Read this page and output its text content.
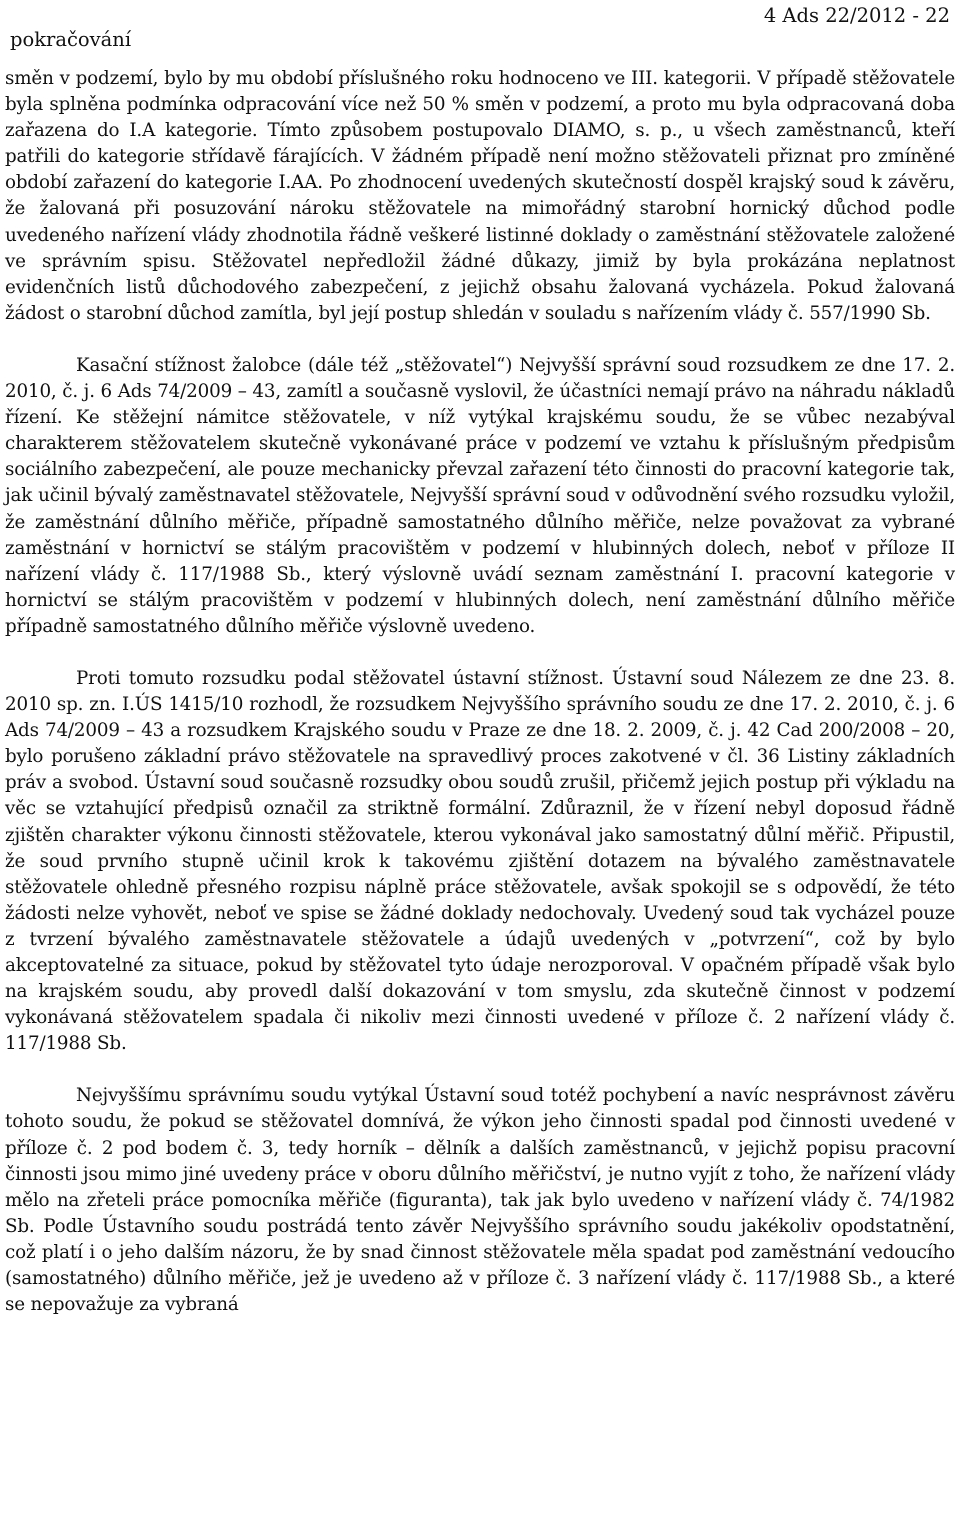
pokračování
4 Ads 22/2012 - 22

směn v podzemí, bylo by mu období příslušného roku hodnoceno ve III. kategorii. V případě stěžovatele byla splněna podmínka odpracování více než 50 % směn v podzemí, a proto mu byla odpracovaná doba zařazena do I.A kategorie. Tímto způsobem postupovalo DIAMO, s. p., u všech zaměstnanců, kteří patřili do kategorie střídavě fárajících. V žádném případě není možno stěžovateli přiznat pro zmíněné období zařazení do kategorie I.AA. Po zhodnocení uvedených skutečností dospěl krajský soud k závěru, že žalovaná při posuzování nároku stěžovatele na mimořádný starobní hornický důchod podle uvedeného nařízení vlády zhodnotila řádně veškeré listinné doklady o zaměstnání stěžovatele založené ve správním spisu. Stěžovatel nepředložil žádné důkazy, jimiž by byla prokázána neplatnost evidenčních listů důchodového zabezpečení, z jejichž obsahu žalovaná vycházela. Pokud žalovaná žádost o starobní důchod zamítla, byl její postup shledán v souladu s nařízením vlády č. 557/1990 Sb.

Kasační stížnost žalobce (dále též „stěžovatel“) Nejvyšší správní soud rozsudkem ze dne 17. 2. 2010, č. j. 6 Ads 74/2009 – 43, zamítl a současně vyslovil, že účastníci nemají právo na náhradu nákladů řízení. Ke stěžejní námitce stěžovatele, v níž vytýkal krajskému soudu, že se vůbec nezabýval charakterem stěžovatelem skutečně vykonávané práce v podzemí ve vztahu k příslušným předpisům sociálního zabezpečení, ale pouze mechanicky převzal zařazení této činnosti do pracovní kategorie tak, jak učinil bývalý zaměstnavatel stěžovatele, Nejvyšší správní soud v odůvodnění svého rozsudku vyložil, že zaměstnání důlního měřiče, případně samostatného důlního měřiče, nelze považovat za vybrané zaměstnání v hornictví se stálým pracovištěm v podzemí v hlubinných dolech, neboť v příloze II nařízení vlády č. 117/1988 Sb., který výslovně uvádí seznam zaměstnání I. pracovní kategorie v hornictví se stálým pracovištěm v podzemí v hlubinných dolech, není zaměstnání důlního měřiče případně samostatného důlního měřiče výslovně uvedeno.

Proti tomuto rozsudku podal stěžovatel ústavní stížnost. Ústavní soud Nálezem ze dne 23. 8. 2010 sp. zn. I.ÚS 1415/10 rozhodl, že rozsudkem Nejvyššího správního soudu ze dne 17. 2. 2010, č. j. 6 Ads 74/2009 – 43 a rozsudkem Krajského soudu v Praze ze dne 18. 2. 2009, č. j. 42 Cad 200/2008 – 20, bylo porušeno základní právo stěžovatele na spravedlivý proces zakotvené v čl. 36 Listiny základních práv a svobod. Ústavní soud současně rozsudky obou soudů zrušil, přičemž jejich postup při výkladu na věc se vztahující předpisů označil za striktně formální. Zdůraznil, že v řízení nebyl doposud řádně zjištěn charakter výkonu činnosti stěžovatele, kterou vykonával jako samostatný důlní měřič. Připustil, že soud prvního stupně učinil krok k takovému zjištění dotazem na bývalého zaměstnavatele stěžovatele ohledně přesného rozpisu náplně práce stěžovatele, avšak spokojil se s odpovědí, že této žádosti nelze vyhovět, neboť ve spise se žádné doklady nedochovaly. Uvedený soud tak vycházel pouze z tvrzení bývalého zaměstnavatele stěžovatele a údajů uvedených v „potvrzení“, což by bylo akceptovatelné za situace, pokud by stěžovatel tyto údaje nerozporoval. V opačném případě však bylo na krajském soudu, aby provedl další dokazování v tom smyslu, zda skutečně činnost v podzemí vykonávaná stěžovatelem spadala či nikoliv mezi činnosti uvedené v příloze č. 2 nařízení vlády č. 117/1988 Sb.

Nejvyššímu správnímu soudu vytýkal Ústavní soud totéž pochybení a navíc nesprávnost závěru tohoto soudu, že pokud se stěžovatel domnívá, že výkon jeho činnosti spadal pod činnosti uvedené v příloze č. 2 pod bodem č. 3, tedy horník – dělník a dalších zaměstnanců, v jejichž popisu pracovní činnosti jsou mimo jiné uvedeny práce v oboru důlního měřičství, je nutno vyjít z toho, že nařízení vlády mělo na zřeteli práce pomocníka měřiče (figuranta), tak jak bylo uvedeno v nařízení vlády č. 74/1982 Sb. Podle Ústavního soudu postrádá tento závěr Nejvyššího správního soudu jakékoliv opodstatnění, což platí i o jeho dalším názoru, že by snad činnost stěžovatele měla spadat pod zaměstnání vedoucího (samostatného) důlního měřiče, jež je uvedeno až v příloze č. 3 nařízení vlády č. 117/1988 Sb., a které se nepovažuje za vybraná
